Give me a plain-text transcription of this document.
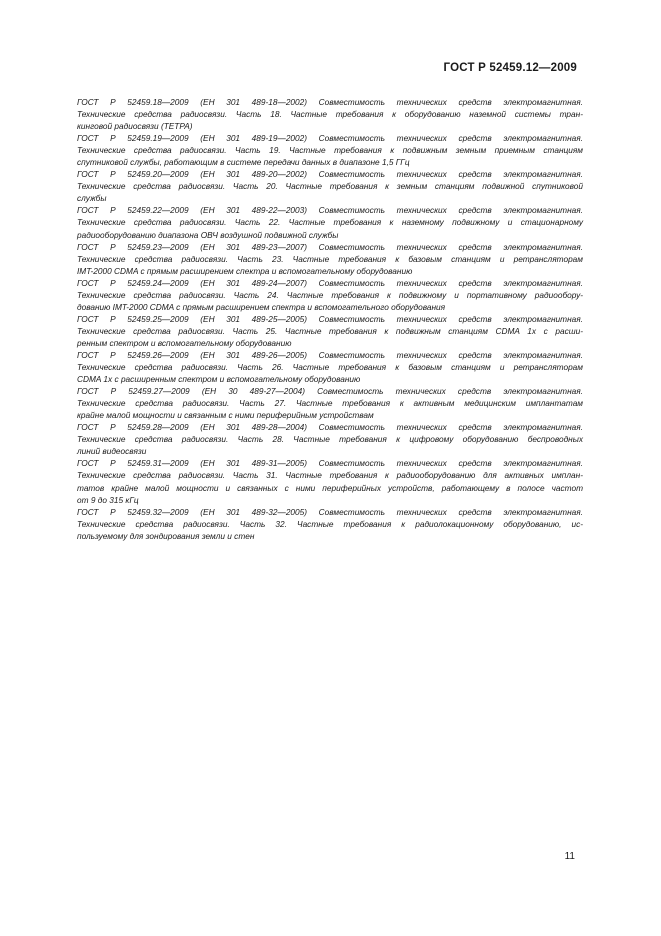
ГОСТ Р 52459.12—2009
ГОСТ Р 52459.18—2009 (ЕН 301 489-18—2002) Совместимость технических средств электромагнитная.
Технические средства радиосвязи. Часть 18. Частные требования к оборудованию наземной системы тран-
кинговой радиосвязи (ТЕТРА)
ГОСТ Р 52459.19—2009 (ЕН 301 489-19—2002) Совместимость технических средств электромагнитная.
Технические средства радиосвязи. Часть 19. Частные требования к подвижным земным приемным станциям
спутниковой службы, работающим в системе передачи данных в диапазоне 1,5 ГГц
ГОСТ Р 52459.20—2009 (ЕН 301 489-20—2002) Совместимость технических средств электромагнитная.
Технические средства радиосвязи. Часть 20. Частные требования к земным станциям подвижной спутниковой
службы
ГОСТ Р 52459.22—2009 (ЕН 301 489-22—2003) Совместимость технических средств электромагнитная.
Технические средства радиосвязи. Часть 22. Частные требования к наземному подвижному и стационарному
радиооборудованию диапазона ОВЧ воздушной подвижной службы
ГОСТ Р 52459.23—2009 (ЕН 301 489-23—2007) Совместимость технических средств электромагнитная.
Технические средства радиосвязи. Часть 23. Частные требования к базовым станциям и ретрансляторам
IMT-2000 CDMA с прямым расширением спектра и вспомогательному оборудованию
ГОСТ Р 52459.24—2009 (ЕН 301 489-24—2007) Совместимость технических средств электромагнитная.
Технические средства радиосвязи. Часть 24. Частные требования к подвижному и портативному радиообору-
дованию IMT-2000 CDMA с прямым расширением спектра и вспомогательного оборудования
ГОСТ Р 52459.25—2009 (ЕН 301 489-25—2005) Совместимость технических средств электромагнитная.
Технические средства радиосвязи. Часть 25. Частные требования к подвижным станциям CDMA 1x с расши-
ренным спектром и вспомогательному оборудованию
ГОСТ Р 52459.26—2009 (ЕН 301 489-26—2005) Совместимость технических средств электромагнитная.
Технические средства радиосвязи. Часть 26. Частные требования к базовым станциям и ретрансляторам
CDMA 1x с расширенным спектром и вспомогательному оборудованию
ГОСТ Р 52459.27—2009 (ЕН 30 489-27—2004) Совместимость технических средств электромагнитная.
Технические средства радиосвязи. Часть 27. Частные требования к активным медицинским имплантатам
крайне малой мощности и связанным с ними периферийным устройствам
ГОСТ Р 52459.28—2009 (ЕН 301 489-28—2004) Совместимость технических средств электромагнитная.
Технические средства радиосвязи. Часть 28. Частные требования к цифровому оборудованию беспроводных
линий видеосвязи
ГОСТ Р 52459.31—2009 (ЕН 301 489-31—2005) Совместимость технических средств электромагнитная.
Технические средства радиосвязи. Часть 31. Частные требования к радиооборудованию для активных имплан-
татов крайне малой мощности и связанных с ними периферийных устройств, работающему в полосе частот
от 9 до 315 кГц
ГОСТ Р 52459.32—2009 (ЕН 301 489-32—2005) Совместимость технических средств электромагнитная.
Технические средства радиосвязи. Часть 32. Частные требования к радиолокационному оборудованию, ис-
пользуемому для зондирования земли и стен
11
